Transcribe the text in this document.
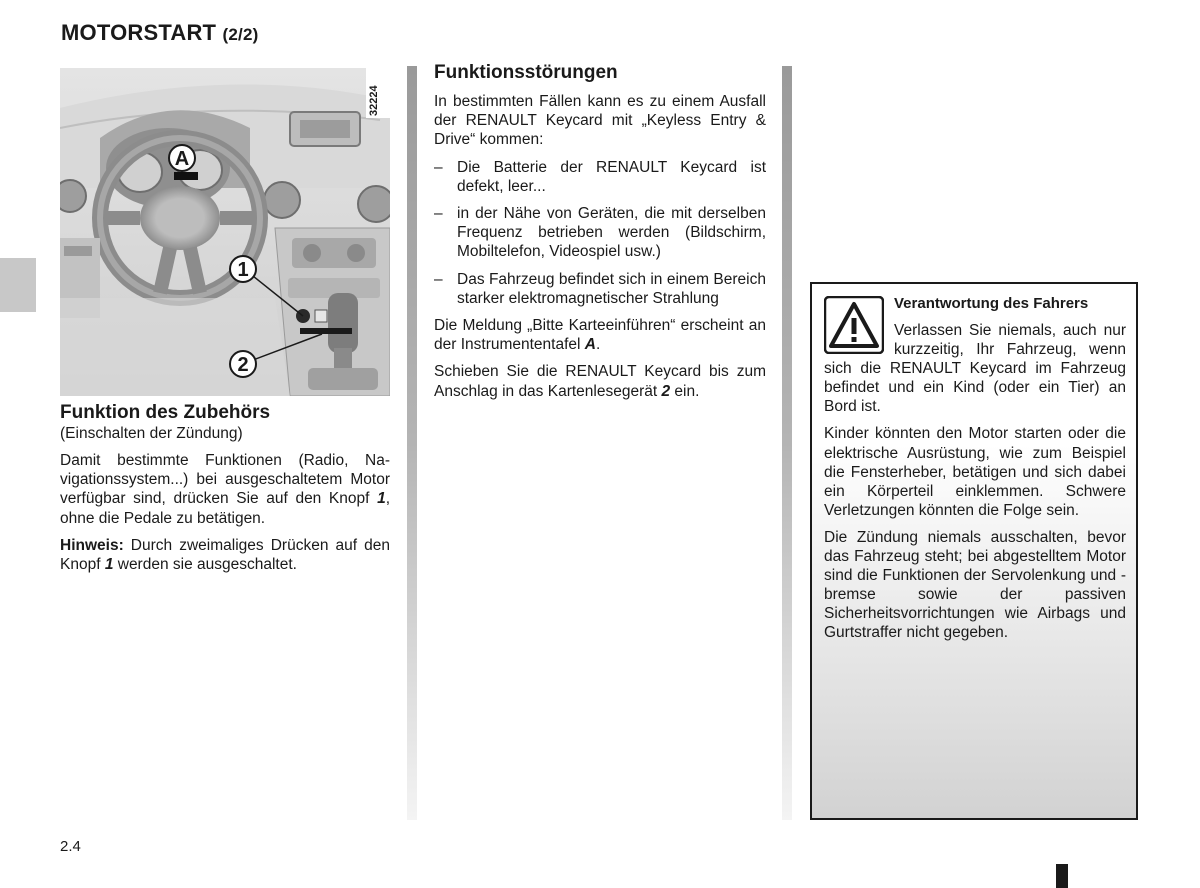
MOTORSTART (2/2)
A
1
2
32224
Funktion des Zubehörs
(Einschalten der Zündung)

Damit bestimmte Funktionen (Radio, Navigationssystem...) bei ausgeschaltetem Motor verfügbar sind, drücken Sie auf den Knopf 1, ohne die Pedale zu betätigen.

Hinweis: Durch zweimaliges Drücken auf den Knopf 1 werden sie ausgeschaltet.

Funktionsstörungen

In bestimmten Fällen kann es zu einem Ausfall der RENAULT Keycard mit „Keyless Entry & Drive“ kommen:

– Die Batterie der RENAULT Keycard ist defekt, leer...
– in der Nähe von Geräten, die mit derselben Frequenz betrieben werden (Bildschirm, Mobiltelefon, Videospiel usw.)
– Das Fahrzeug befindet sich in einem Bereich starker elektromagnetischer Strahlung

Die Meldung „Bitte Karteeinführen“ erscheint an der Instrumententafel A.

Schieben Sie die RENAULT Keycard bis zum Anschlag in das Kartenlesegerät 2 ein.

Verantwortung des Fahrers

Verlassen Sie niemals, auch nur kurzzeitig, Ihr Fahrzeug, wenn sich die RENAULT Keycard im Fahrzeug befindet und ein Kind (oder ein Tier) an Bord ist.

Kinder könnten den Motor starten oder die elektrische Ausrüstung, wie zum Beispiel die Fensterheber, betätigen und sich dabei ein Körperteil einklemmen. Schwere Verletzungen könnten die Folge sein.

Die Zündung niemals ausschalten, bevor das Fahrzeug steht; bei abgestelltem Motor sind die Funktionen der Servolenkung und -bremse sowie der passiven Sicherheitsvorrichtungen wie Airbags und Gurtstraffer nicht gegeben.

2.4
